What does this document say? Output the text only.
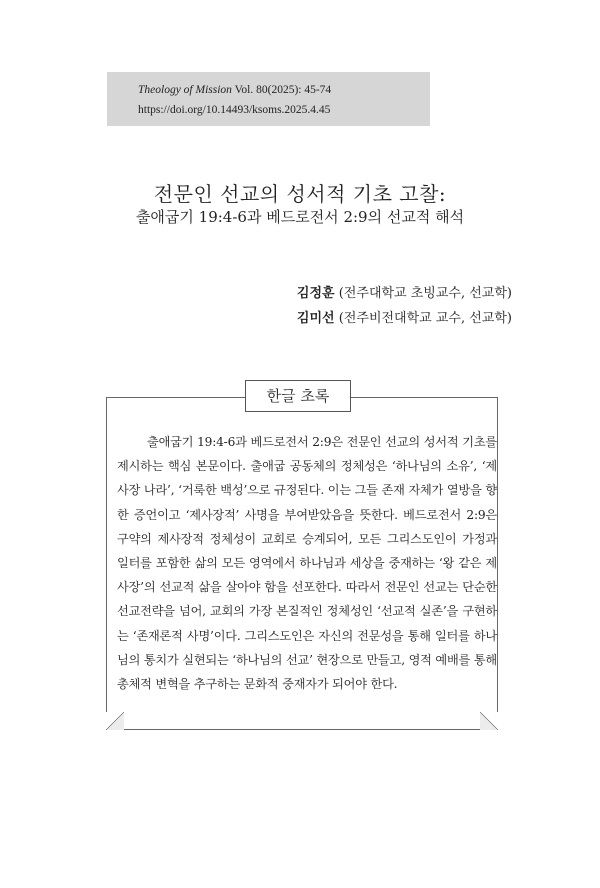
Theology of Mission Vol. 80(2025): 45-74
https://doi.org/10.14493/ksoms.2025.4.45
전문인 선교의 성서적 기초 고찰:
출애굽기 19:4-6과 베드로전서 2:9의 선교적 해석
김정훈 (전주대학교 초빙교수, 선교학)
김미선 (전주비전대학교 교수, 선교학)
한글 초록
출애굽기 19:4-6과 베드로전서 2:9은 전문인 선교의 성서적 기초를 제시하는 핵심 본문이다. 출애굽 공동체의 정체성은 ‘하나님의 소유’, ‘제사장 나라’, ‘거룩한 백성’으로 규정된다. 이는 그들 존재 자체가 열방을 향한 증언이고 ‘제사장적’ 사명을 부여받았음을 뜻한다. 베드로전서 2:9은 구약의 제사장적 정체성이 교회로 승계되어, 모든 그리스도인이 가정과 일터를 포함한 삶의 모든 영역에서 하나님과 세상을 중재하는 ‘왕 같은 제사장’의 선교적 삶을 살아야 함을 선포한다. 따라서 전문인 선교는 단순한 선교전략을 넘어, 교회의 가장 본질적인 정체성인 ‘선교적 실존’을 구현하는 ‘존재론적 사명’이다. 그리스도인은 자신의 전문성을 통해 일터를 하나님의 통치가 실현되는 ‘하나님의 선교’ 현장으로 만들고, 영적 예배를 통해 총체적 변혁을 추구하는 문화적 중재자가 되어야 한다.
